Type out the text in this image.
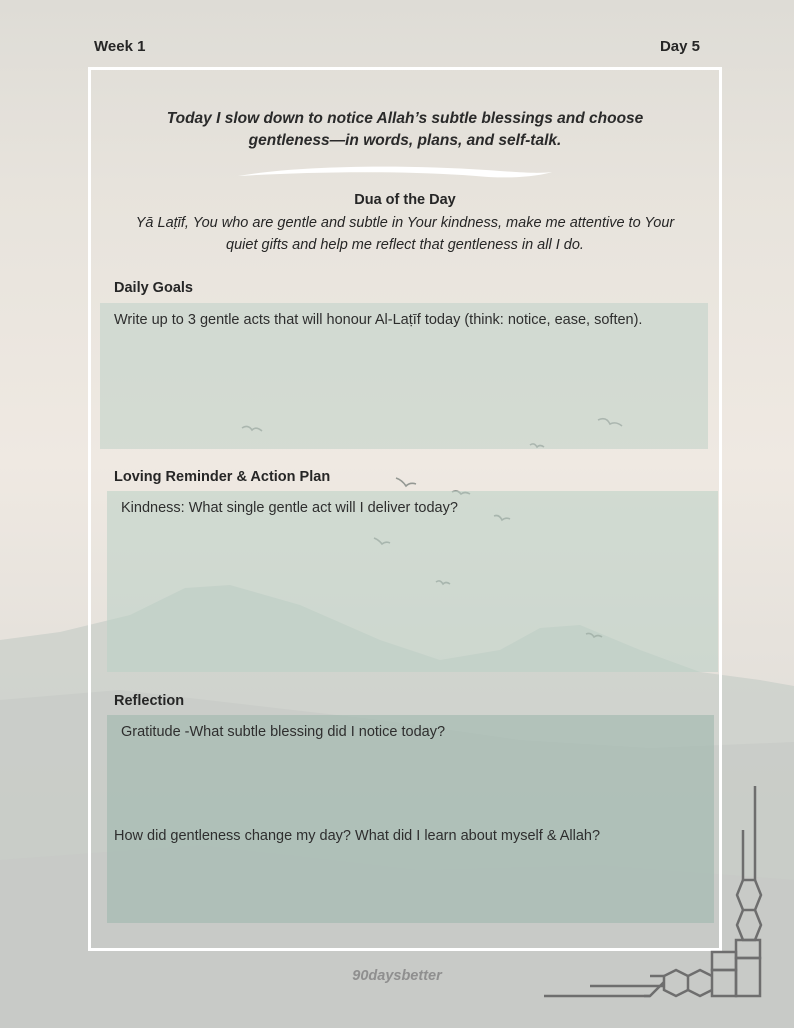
Week 1	Day 5
Today I slow down to notice Allah’s subtle blessings and choose
gentleness—in words, plans, and self-talk.
Dua of the Day
Yā Laṭīf, You who are gentle and subtle in Your kindness, make me attentive to Your
quiet gifts and help me reflect that gentleness in all I do.
Daily Goals
Write up to 3 gentle acts that will honour Al-Laṭīf today (think: notice, ease, soften).
Loving Reminder & Action Plan
Kindness: What single gentle act will I deliver today?
Reflection
Gratitude -What subtle blessing did I notice today?
How did gentleness change my day? What did I learn about myself & Allah?
90daysbetter
